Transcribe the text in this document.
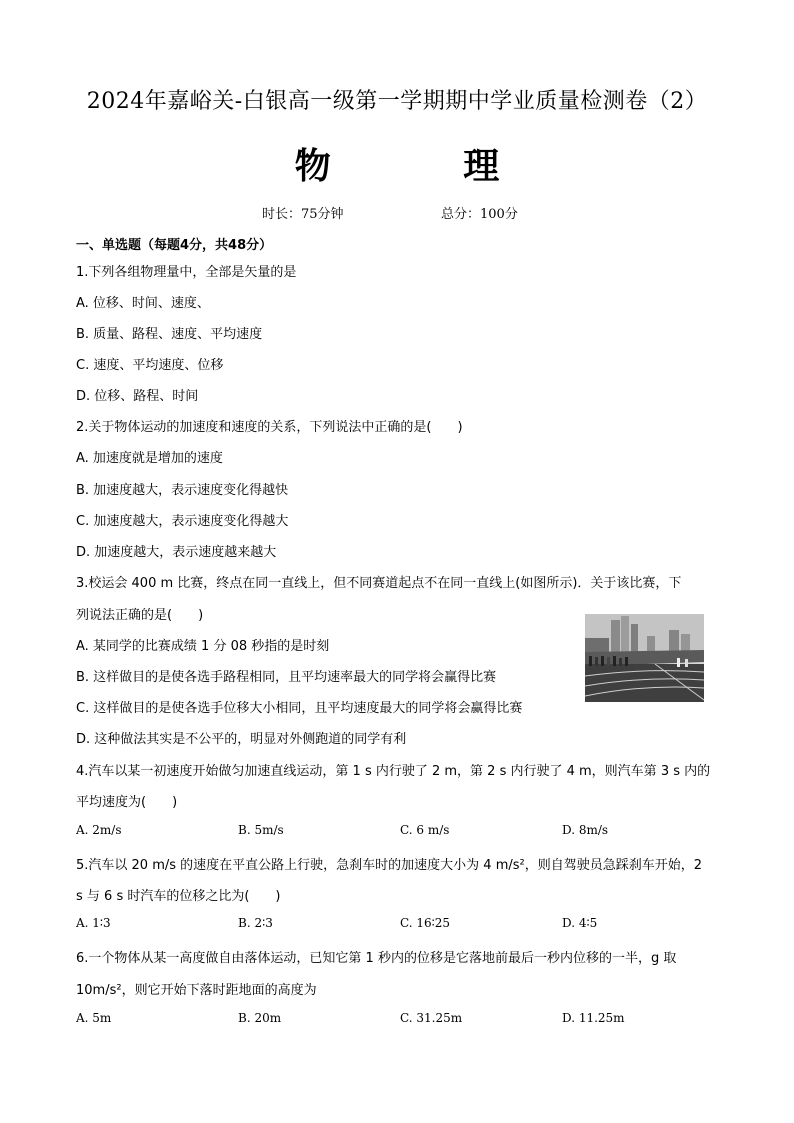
2024年嘉峪关-白银高一级第一学期期中学业质量检测卷（2）
物 理
时长：75分钟	总分：100分
一、单选题（每题4分，共48分）
1.下列各组物理量中，全部是矢量的是
A. 位移、时间、速度、
B. 质量、路程、速度、平均速度
C. 速度、平均速度、位移
D. 位移、路程、时间
2.关于物体运动的加速度和速度的关系，下列说法中正确的是(　　)
A. 加速度就是增加的速度
B. 加速度越大，表示速度变化得越快
C. 加速度越大，表示速度变化得越大
D. 加速度越大，表示速度越来越大
3.校运会 400 m 比赛，终点在同一直线上，但不同赛道起点不在同一直线上(如图所示)．关于该比赛，下
列说法正确的是(　　)
A. 某同学的比赛成绩 1 分 08 秒指的是时刻
B. 这样做目的是使各选手路程相同，且平均速率最大的同学将会赢得比赛
C. 这样做目的是使各选手位移大小相同，且平均速度最大的同学将会赢得比赛
D. 这种做法其实是不公平的，明显对外侧跑道的同学有利
4.汽车以某一初速度开始做匀加速直线运动，第 1 s 内行驶了 2 m，第 2 s 内行驶了 4 m，则汽车第 3 s 内的
平均速度为(　　)
A. 2m/s	B. 5m/s	C. 6 m/s	D. 8m/s
5.汽车以 20 m/s 的速度在平直公路上行驶，急刹车时的加速度大小为 4 m/s²，则自驾驶员急踩刹车开始，2
s 与 6 s 时汽车的位移之比为(　　)
A. 1∶3	B. 2∶3	C. 16∶25	D. 4∶5
6.一个物体从某一高度做自由落体运动，已知它第 1 秒内的位移是它落地前最后一秒内位移的一半，g 取
10m/s²，则它开始下落时距地面的高度为
A. 5m	B. 20m	C. 31.25m	D. 11.25m
